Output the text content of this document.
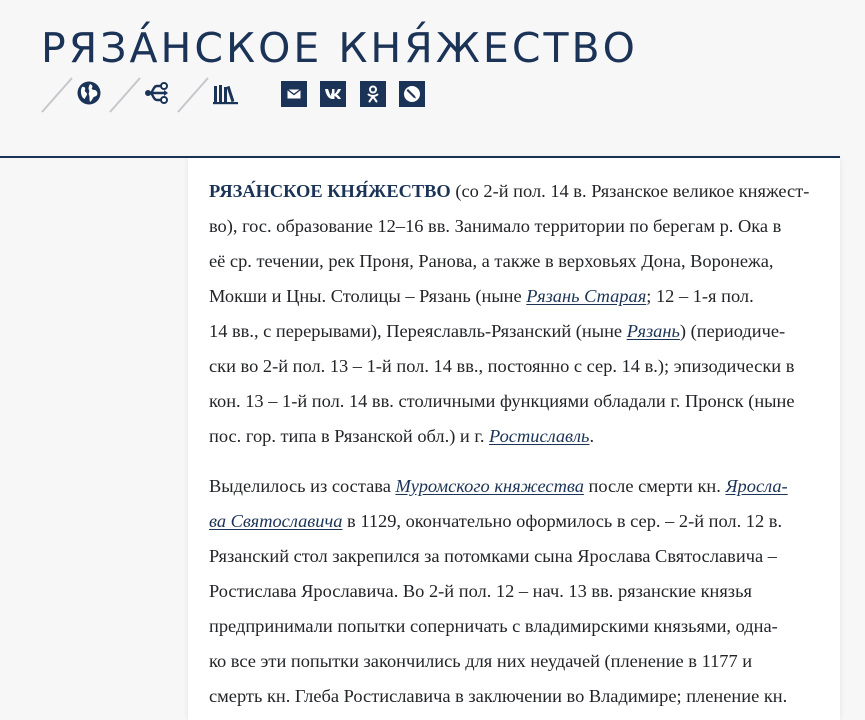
РЯЗА́НСКОЕ КНЯ́ЖЕСТВО

РЯЗА́НСКОЕ КНЯ́ЖЕСТВО (со 2-й пол. 14 в. Рязанское великое княжест-
во), гос. образование 12–16 вв. Занимало территории по берегам р. Ока в
её ср. течении, рек Проня, Ранова, а также в верховьях Дона, Воронежа,
Мокши и Цны. Столицы – Рязань (ныне Рязань Старая; 12 – 1-я пол.
14 вв., с перерывами), Переяславль-Рязанский (ныне Рязань) (периодиче-
ски во 2-й пол. 13 – 1-й пол. 14 вв., постоянно с сер. 14 в.); эпизодически в
кон. 13 – 1-й пол. 14 вв. столичными функциями обладали г. Пронск (ныне
пос. гор. типа в Рязанской обл.) и г. Ростиславль.

Выделилось из состава Муромского княжества после смерти кн. Яросла-
ва Святославича в 1129, окончательно оформилось в сер. – 2-й пол. 12 в.
Рязанский стол закрепился за потомками сына Ярослава Святославича –
Ростислава Ярославича. Во 2-й пол. 12 – нач. 13 вв. рязанские князья
предпринимали попытки соперничать с владимирскими князьями, одна-
ко все эти попытки закончились для них неудачей (пленение в 1177 и
смерть кн. Глеба Ростиславича в заключении во Владимире; пленение кн.
